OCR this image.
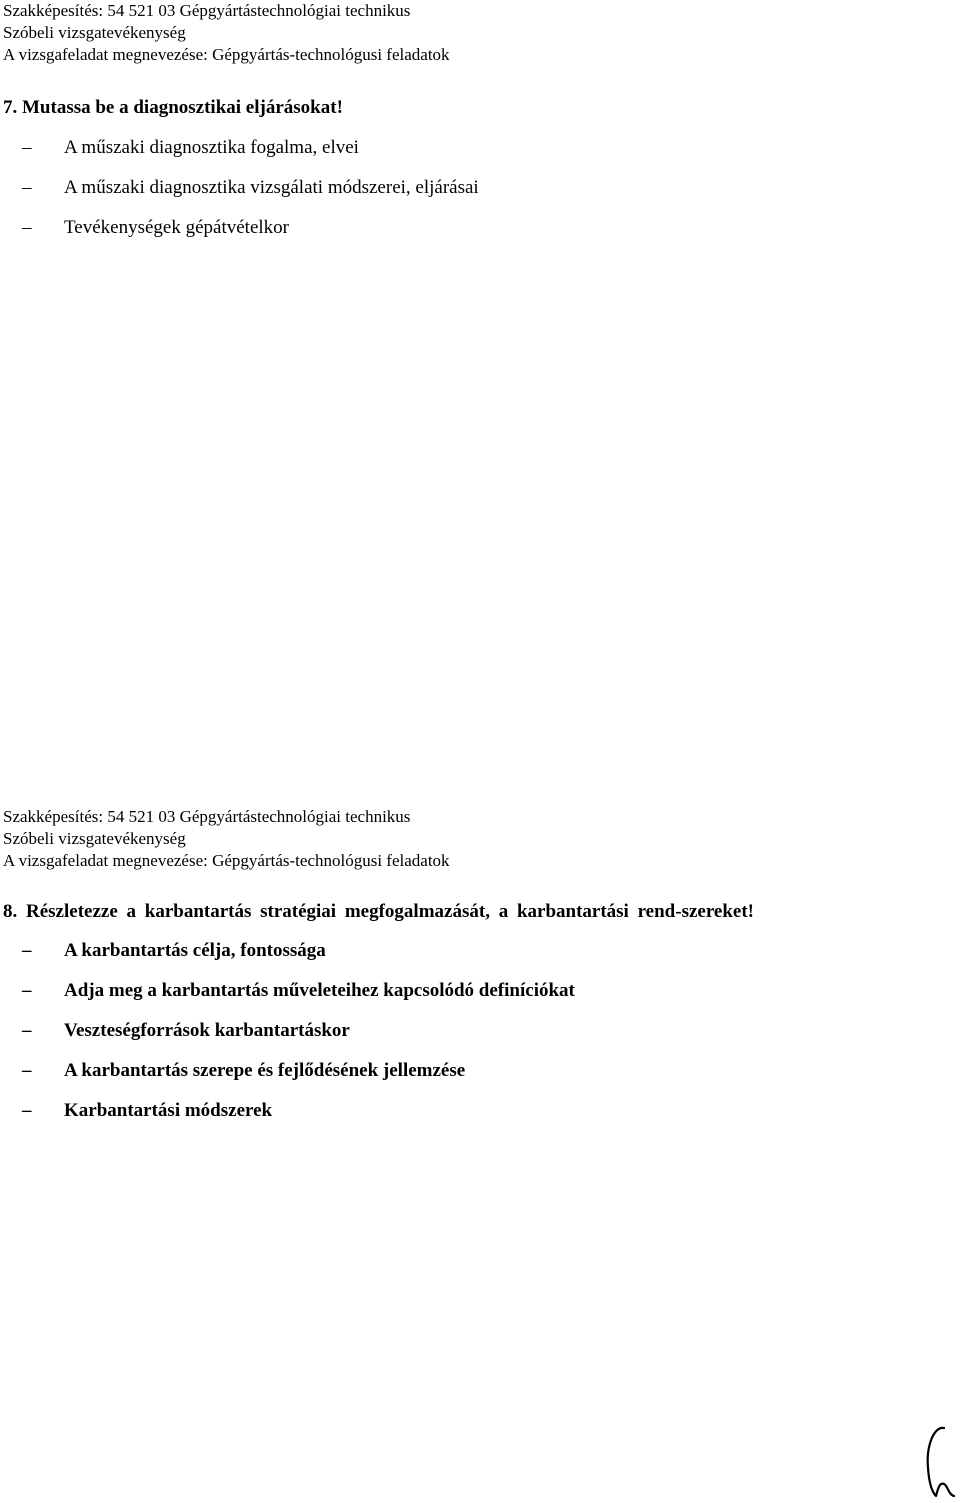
Szakképesítés: 54 521 03 Gépgyártástechnológiai technikus

Szóbeli vizsgatevékenység

A vizsgafeladat megnevezése: Gépgyártás-technológusi feladatok

7. Mutassa be a diagnosztikai eljárásokat!

–	A műszaki diagnosztika fogalma, elvei
–	A műszaki diagnosztika vizsgálati módszerei, eljárásai
–	Tevékenységek gépátvételkor

Szakképesítés: 54 521 03 Gépgyártástechnológiai technikus

Szóbeli vizsgatevékenység

A vizsgafeladat megnevezése: Gépgyártás-technológusi feladatok

8. Részletezze a karbantartás stratégiai megfogalmazását, a karbantartási rend-szereket!

–	A karbantartás célja, fontossága
–	Adja meg a karbantartás műveleteihez kapcsolódó definíciókat
–	Veszteségforrások karbantartáskor
–	A karbantartás szerepe és fejlődésének jellemzése
–	Karbantartási módszerek
